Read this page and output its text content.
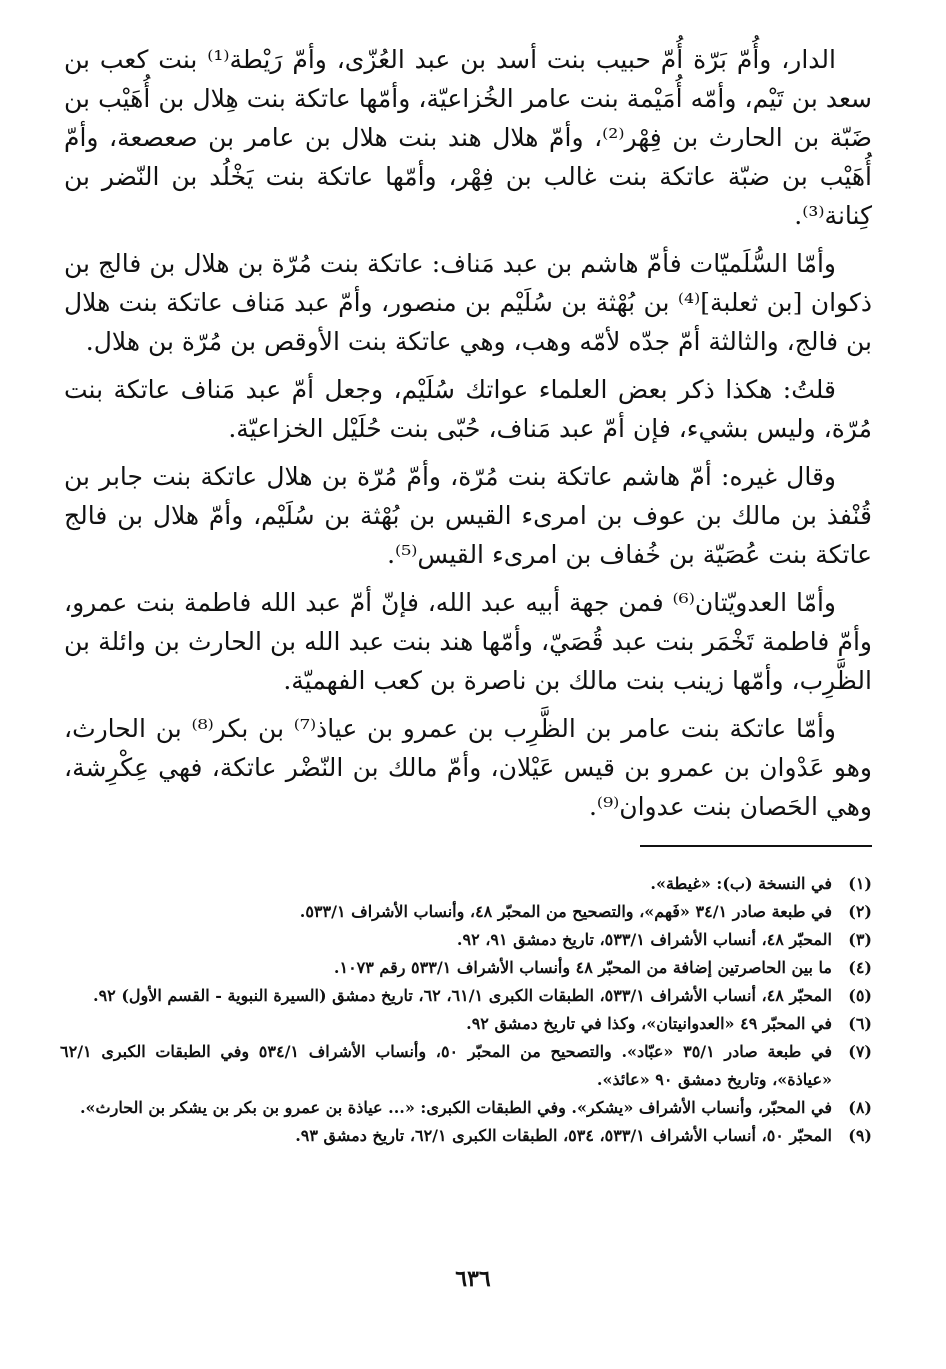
الدار، وأُمّ بَرّة أُمّ حبيب بنت أسد بن عبد العُزّى، وأمّ رَيْطة⁽¹⁾ بنت كعب بن سعد بن تَيْم، وأمّه أُمَيْمة بنت عامر الخُزاعيّة، وأمّها عاتكة بنت هِلال بن أُهَيْب بن ضَبّة بن الحارث بن فِهْر⁽²⁾، وأمّ هلال هند بنت هلال بن عامر بن صعصعة، وأمّ أُهَيْب بن ضبّة عاتكة بنت غالب بن فِهْر، وأمّها عاتكة بنت يَخْلُد بن النّضر بن كِنانة⁽³⁾.

وأمّا السُّلَميّات فأمّ هاشم بن عبد مَناف: عاتكة بنت مُرّة بن هلال بن فالج بن ذكوان [بن ثعلبة]⁽⁴⁾ بن بُهْثة بن سُلَيْم بن منصور، وأمّ عبد مَناف عاتكة بنت هلال بن فالج، والثالثة أمّ جدّه لأمّه وهب، وهي عاتكة بنت الأوقص بن مُرّة بن هلال.

قلتُ: هكذا ذكر بعض العلماء عواتك سُلَيْم، وجعل أمّ عبد مَناف عاتكة بنت مُرّة، وليس بشيء، فإن أمّ عبد مَناف، حُبّى بنت حُلَيْل الخزاعيّة.

وقال غيره: أمّ هاشم عاتكة بنت مُرّة، وأمّ مُرّة بن هلال عاتكة بنت جابر بن قُنْفذ بن مالك بن عوف بن امرىء القيس بن بُهْثة بن سُلَيْم، وأمّ هلال بن فالج عاتكة بنت عُصَيّة بن خُفاف بن امرىء القيس⁽⁵⁾.

وأمّا العدويّتان⁽⁶⁾ فمن جهة أبيه عبد الله، فإنّ أمّ عبد الله فاطمة بنت عمرو، وأمّ فاطمة تَخْمَر بنت عبد قُصَيّ، وأمّها هند بنت عبد الله بن الحارث بن وائلة بن الظَّرِب، وأمّها زينب بنت مالك بن ناصرة بن كعب الفهميّة.

وأمّا عاتكة بنت عامر بن الظَّرِب بن عمرو بن عياذ⁽⁷⁾ بن بكر⁽⁸⁾ بن الحارث، وهو عَدْوان بن عمرو بن قيس عَيْلان، وأمّ مالك بن النّضْر عاتكة، فهي عِكْرِشة، وهي الحَصان بنت عدوان⁽⁹⁾.

(١)
في النسخة (ب): «غيطة».
(٢)
في طبعة صادر ٣٤/١ «فَهم»، والتصحيح من المحبّر ٤٨، وأنساب الأشراف ٥٣٣/١.
(٣)
المحبّر ٤٨، أنساب الأشراف ٥٣٣/١، تاريخ دمشق ٩١، ٩٢.
(٤)
ما بين الحاصرتين إضافة من المحبّر ٤٨ وأنساب الأشراف ٥٣٣/١ رقم ١٠٧٣.
(٥)
المحبّر ٤٨، أنساب الأشراف ٥٣٣/١، الطبقات الكبرى ٦١/١، ٦٢، تاريخ دمشق (السيرة النبوية - القسم الأول) ٩٢.
(٦)
في المحبّر ٤٩ «العدوانيتان»، وكذا في تاريخ دمشق ٩٢.
(٧)
في طبعة صادر ٣٥/١ «عبّاد». والتصحيح من المحبّر ٥٠، وأنساب الأشراف ٥٣٤/١ وفي الطبقات الكبرى ٦٢/١ «عياذة»، وتاريخ دمشق ٩٠ «عائذ».
(٨)
في المحبّر، وأنساب الأشراف «يشكر». وفي الطبقات الكبرى: «... عياذة بن عمرو بن بكر بن يشكر بن الحارث».
(٩)
المحبّر ٥٠، أنساب الأشراف ٥٣٣/١، ٥٣٤، الطبقات الكبرى ٦٢/١، تاريخ دمشق ٩٣.
٦٣٦
